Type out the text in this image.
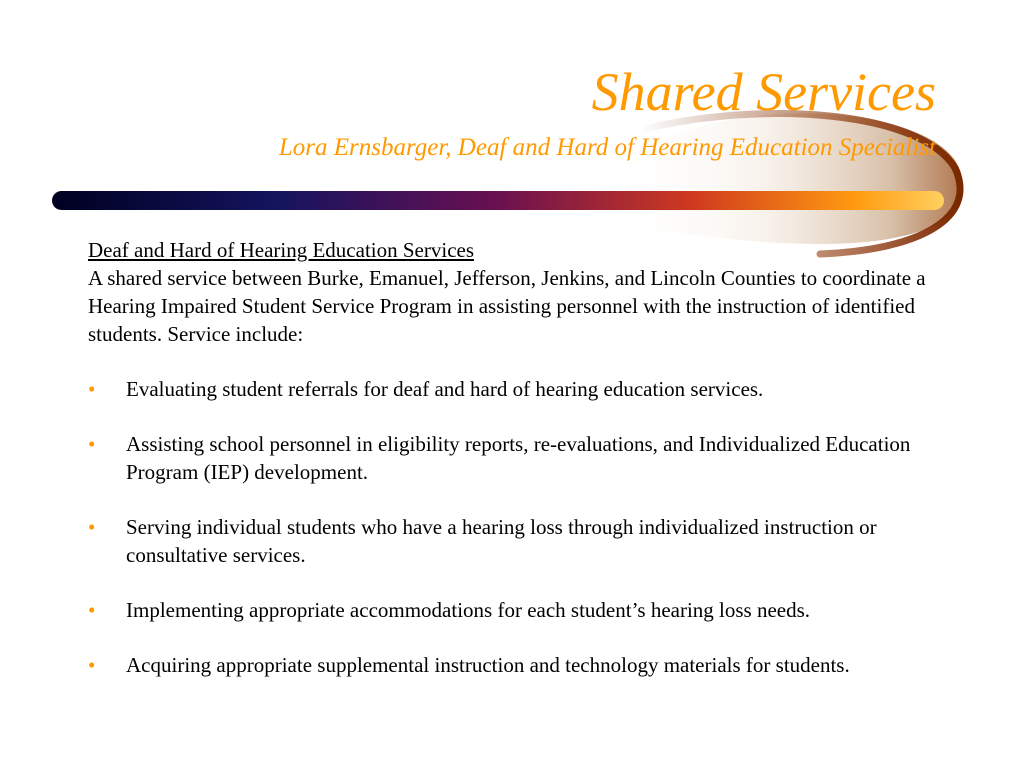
Shared Services
Lora Ernsbarger, Deaf and Hard of Hearing Education Specialist
Deaf and Hard of Hearing Education Services

A shared service between Burke, Emanuel, Jefferson, Jenkins, and Lincoln Counties to coordinate a Hearing Impaired Student Service Program in assisting personnel with the instruction of identified students. Service include:

• Evaluating student referrals for deaf and hard of hearing education services.
• Assisting school personnel in eligibility reports, re-evaluations, and Individualized Education Program (IEP) development.
• Serving individual students who have a hearing loss through individualized instruction or consultative services.
• Implementing appropriate accommodations for each student’s hearing loss needs.
• Acquiring appropriate supplemental instruction and technology materials for students.
